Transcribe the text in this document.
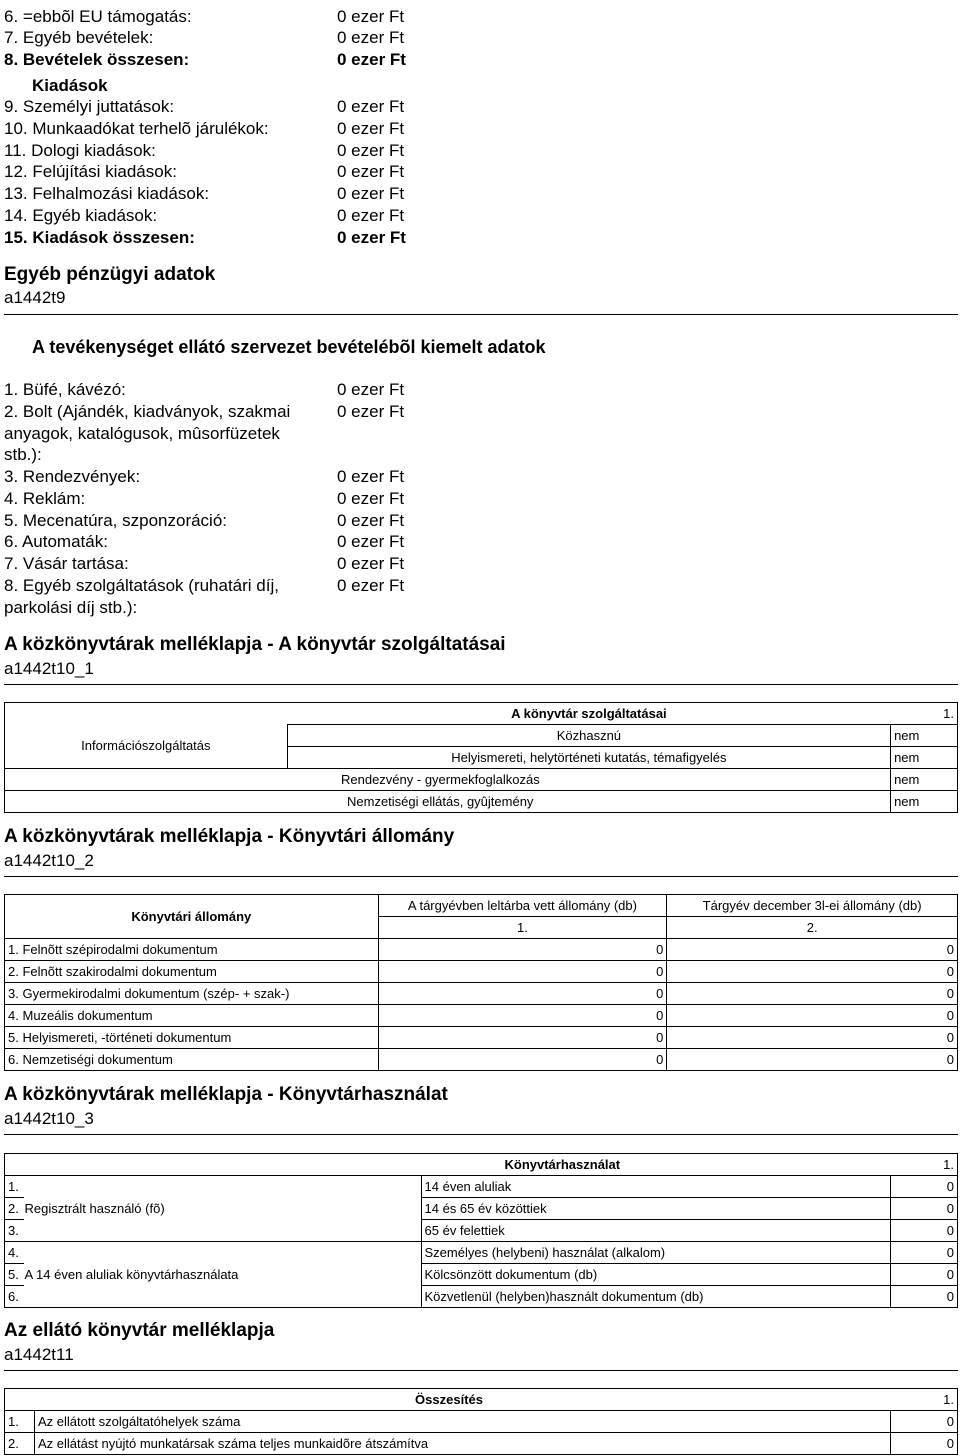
6. =ebbõl EU támogatás:	0 ezer Ft
7. Egyéb bevételek:	0 ezer Ft
8. Bevételek összesen:	0 ezer Ft
Kiadások
9. Személyi juttatások:	0 ezer Ft
10. Munkaadókat terhelõ járulékok:	0 ezer Ft
11. Dologi kiadások:	0 ezer Ft
12. Felújítási kiadások:	0 ezer Ft
13. Felhalmozási kiadások:	0 ezer Ft
14. Egyéb kiadások:	0 ezer Ft
15. Kiadások összesen:	0 ezer Ft
Egyéb pénzügyi adatok
a1442t9
A tevékenységet ellátó szervezet bevételébõl kiemelt adatok
1. Büfé, kávézó:	0 ezer Ft
2. Bolt (Ajándék, kiadványok, szakmai
anyagok, katalógusok, mûsorfüzetek
stb.):
0 ezer Ft
3. Rendezvények:	0 ezer Ft
4. Reklám:	0 ezer Ft
5. Mecenatúra, szponzoráció:	0 ezer Ft
6. Automaták:	0 ezer Ft
7. Vásár tartása:	0 ezer Ft
8. Egyéb szolgáltatások (ruhatári díj,
parkolási díj stb.):
0 ezer Ft
A közkönyvtárak melléklapja - A könyvtár szolgáltatásai
a1442t10_1
	A könyvtár szolgáltatásai	1.
Információszolgáltatás	Közhasznú	nem
	Helyismereti, helytörténeti kutatás, témafigyelés	nem
Rendezvény - gyermekfoglalkozás		nem
Nemzetiségi ellátás, gyûjtemény		nem
A közkönyvtárak melléklapja - Könyvtári állomány
a1442t10_2
Könyvtári állomány		A tárgyévben leltárba vett állomány (db)	Tárgyév december 3l-ei állomány (db)
		1.	2.
1.	Felnõtt szépirodalmi dokumentum	0	0
2.	Felnõtt szakirodalmi dokumentum	0	0
3.	Gyermekirodalmi dokumentum (szép- + szak-)	0	0
4.	Muzeális dokumentum	0	0
5.	Helyismereti, -történeti dokumentum	0	0
6.	Nemzetiségi dokumentum	0	0
A közkönyvtárak melléklapja - Könyvtárhasználat
a1442t10_3
		Könyvtárhasználat	1.
1.		14 éven aluliak	0
2.	Regisztrált használó (fõ)	14 és 65 év közöttiek	0
3.		65 év felettiek	0
4.		Személyes (helybeni) használat (alkalom)	0
5.	A 14 éven aluliak könyvtárhasználata	Kölcsönzött dokumentum (db)	0
6.		Közvetlenül (helyben)használt dokumentum (db)	0
Az ellátó könyvtár melléklapja
a1442t11
	Összesítés	1.
1.	Az ellátott szolgáltatóhelyek száma	0
2.	Az ellátást nyújtó munkatársak száma teljes munkaidõre átszámítva	0
